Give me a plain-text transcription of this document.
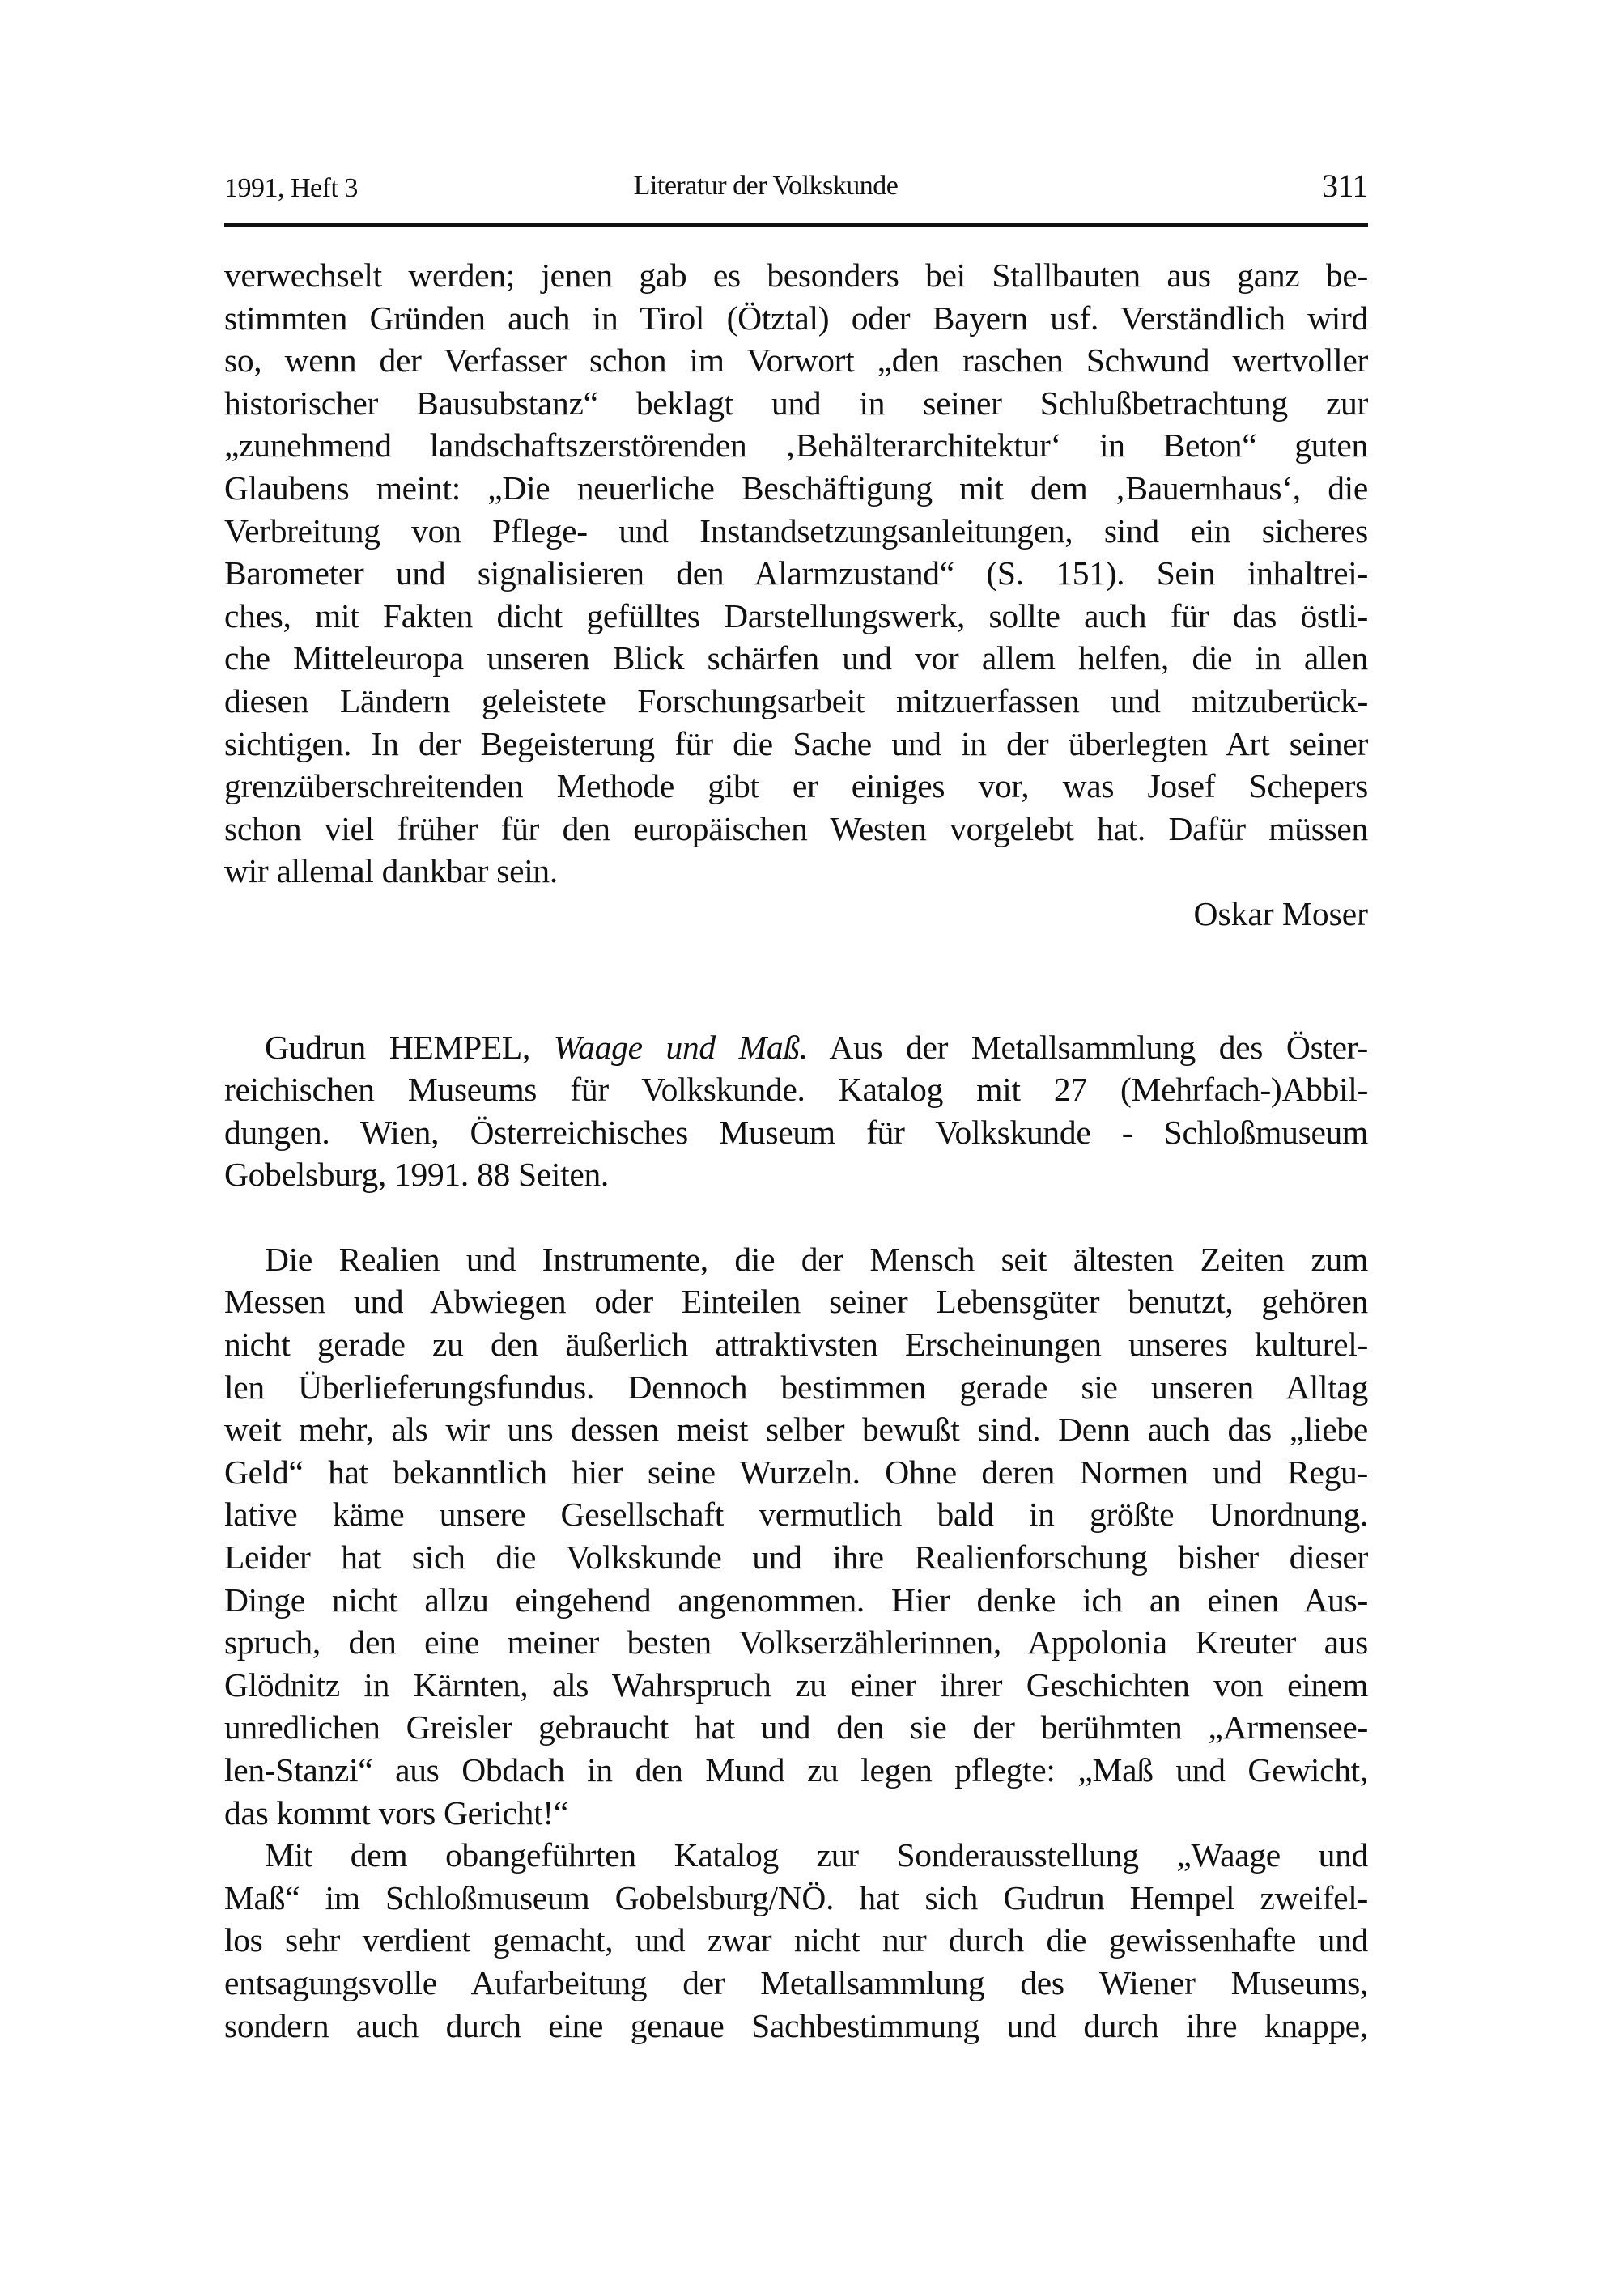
1991, Heft 3	Literatur der Volkskunde	311
verwechselt werden; jenen gab es besonders bei Stallbauten aus ganz be-
stimmten Gründen auch in Tirol (Ötztal) oder Bayern usf. Verständlich wird
so, wenn der Verfasser schon im Vorwort „den raschen Schwund wertvoller
historischer Bausubstanz“ beklagt und in seiner Schlußbetrachtung zur
„zunehmend landschaftszerstörenden ‚Behälterarchitektur‘ in Beton“ guten
Glaubens meint: „Die neuerliche Beschäftigung mit dem ‚Bauernhaus‘, die
Verbreitung von Pflege- und Instandsetzungsanleitungen, sind ein sicheres
Barometer und signalisieren den Alarmzustand“ (S. 151). Sein inhaltrei-
ches, mit Fakten dicht gefülltes Darstellungswerk, sollte auch für das östli-
che Mitteleuropa unseren Blick schärfen und vor allem helfen, die in allen
diesen Ländern geleistete Forschungsarbeit mitzuerfassen und mitzuberück-
sichtigen. In der Begeisterung für die Sache und in der überlegten Art seiner
grenzüberschreitenden Methode gibt er einiges vor, was Josef Schepers
schon viel früher für den europäischen Westen vorgelebt hat. Dafür müssen
wir allemal dankbar sein.
Oskar Moser
Gudrun HEMPEL, Waage und Maß. Aus der Metallsammlung des Öster-
reichischen Museums für Volkskunde. Katalog mit 27 (Mehrfach-)Abbil-
dungen. Wien, Österreichisches Museum für Volkskunde - Schloßmuseum
Gobelsburg, 1991. 88 Seiten.
Die Realien und Instrumente, die der Mensch seit ältesten Zeiten zum
Messen und Abwiegen oder Einteilen seiner Lebensgüter benutzt, gehören
nicht gerade zu den äußerlich attraktivsten Erscheinungen unseres kulturel-
len Überlieferungsfundus. Dennoch bestimmen gerade sie unseren Alltag
weit mehr, als wir uns dessen meist selber bewußt sind. Denn auch das „liebe
Geld“ hat bekanntlich hier seine Wurzeln. Ohne deren Normen und Regu-
lative käme unsere Gesellschaft vermutlich bald in größte Unordnung.
Leider hat sich die Volkskunde und ihre Realienforschung bisher dieser
Dinge nicht allzu eingehend angenommen. Hier denke ich an einen Aus-
spruch, den eine meiner besten Volkserzählerinnen, Appolonia Kreuter aus
Glödnitz in Kärnten, als Wahrspruch zu einer ihrer Geschichten von einem
unredlichen Greisler gebraucht hat und den sie der berühmten „Armensee-
len-Stanzi“ aus Obdach in den Mund zu legen pflegte: „Maß und Gewicht,
das kommt vors Gericht!“
Mit dem obangeführten Katalog zur Sonderausstellung „Waage und
Maß“ im Schloßmuseum Gobelsburg/NÖ. hat sich Gudrun Hempel zweifel-
los sehr verdient gemacht, und zwar nicht nur durch die gewissenhafte und
entsagungsvolle Aufarbeitung der Metallsammlung des Wiener Museums,
sondern auch durch eine genaue Sachbestimmung und durch ihre knappe,
